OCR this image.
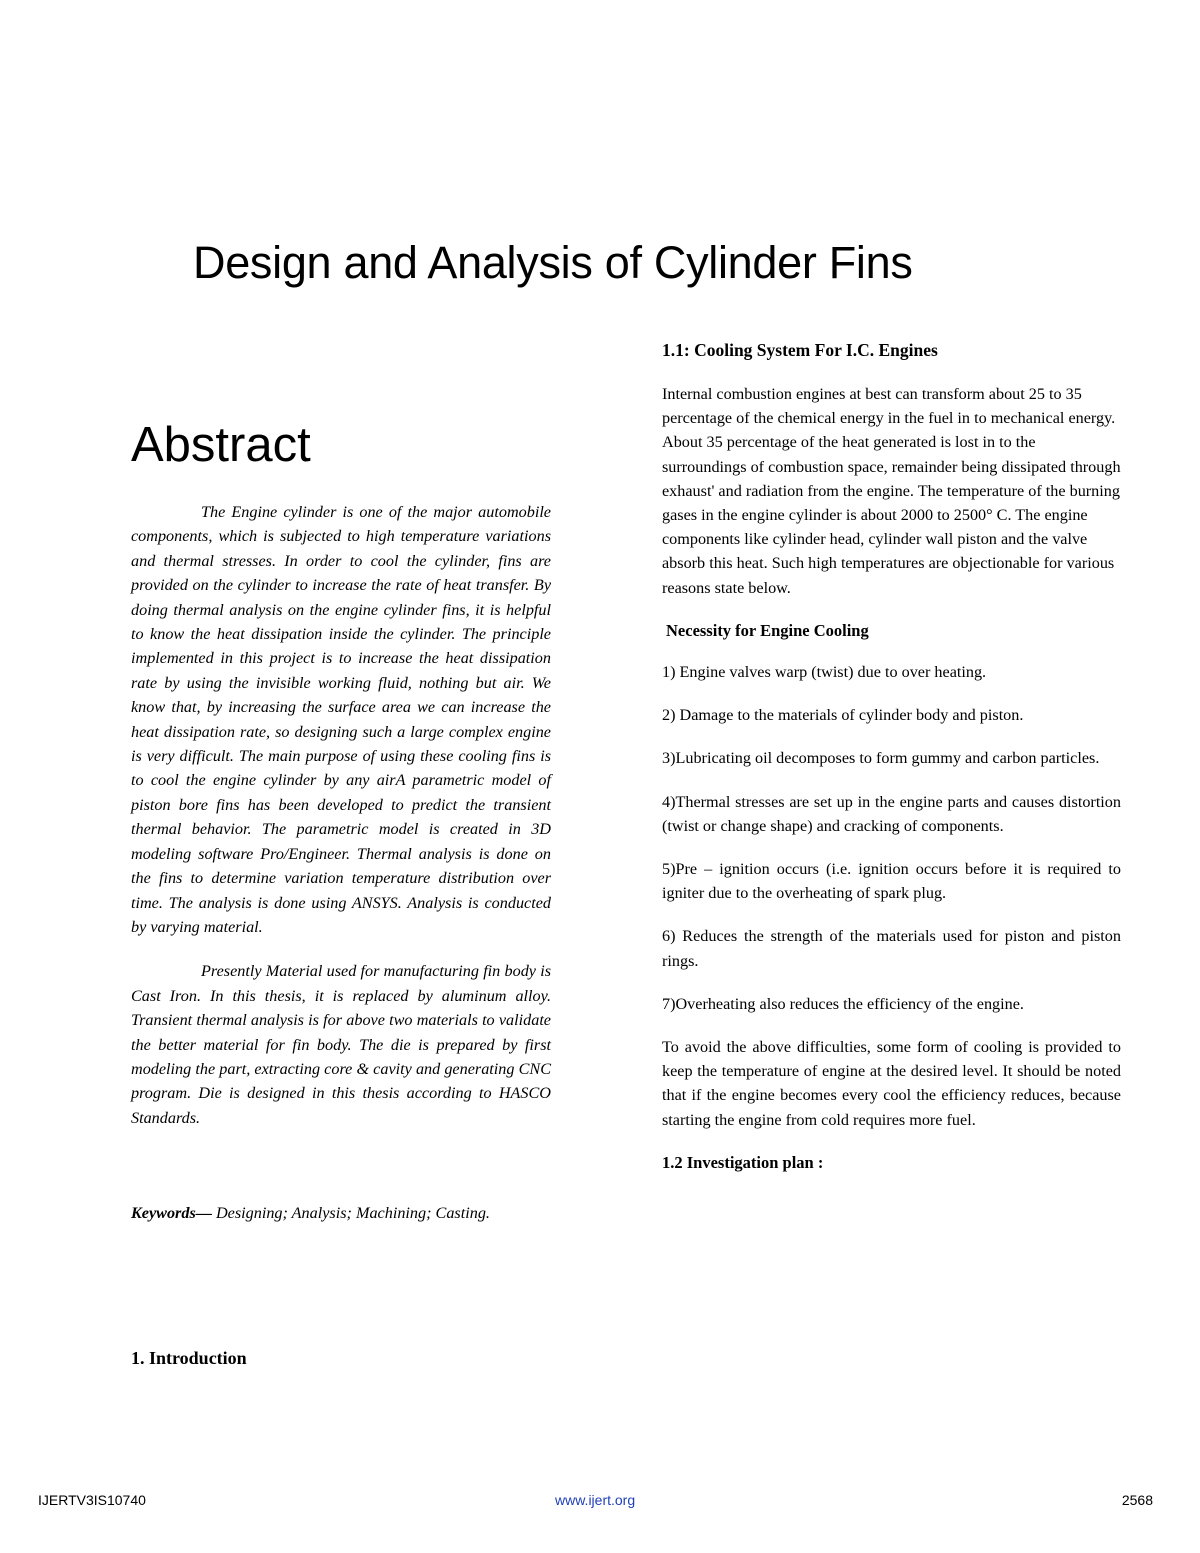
Design and Analysis of Cylinder Fins
Abstract

The Engine cylinder is one of the major automobile components, which is subjected to high temperature variations and thermal stresses. In order to cool the cylinder, fins are provided on the cylinder to increase the rate of heat transfer. By doing thermal analysis on the engine cylinder fins, it is helpful to know the heat dissipation inside the cylinder. The principle implemented in this project is to increase the heat dissipation rate by using the invisible working fluid, nothing but air. We know that, by increasing the surface area we can increase the heat dissipation rate, so designing such a large complex engine is very difficult. The main purpose of using these cooling fins is to cool the engine cylinder by any airA parametric model of piston bore fins has been developed to predict the transient thermal behavior. The parametric model is created in 3D modeling software Pro/Engineer. Thermal analysis is done on the fins to determine variation temperature distribution over time. The analysis is done using ANSYS. Analysis is conducted by varying material.

Presently Material used for manufacturing fin body is Cast Iron. In this thesis, it is replaced by aluminum alloy. Transient thermal analysis is for above two materials to validate the better material for fin body. The die is prepared by first modeling the part, extracting core & cavity and generating CNC program. Die is designed in this thesis according to HASCO Standards.

Keywords— Designing; Analysis; Machining; Casting.
1. Introduction
1.1: Cooling System For I.C. Engines

Internal combustion engines at best can transform about 25 to 35 percentage of the chemical energy in the fuel in to mechanical energy. About 35 percentage of the heat generated is lost in to the surroundings of combustion space, remainder being dissipated through exhaust' and radiation from the engine. The temperature of the burning gases in the engine cylinder is about 2000 to 2500° C. The engine components like cylinder head, cylinder wall piston and the valve absorb this heat. Such high temperatures are objectionable for various reasons state below.

Necessity for Engine Cooling

1) Engine valves warp (twist) due to over heating.

2) Damage to the materials of cylinder body and piston.

3)Lubricating oil decomposes to form gummy and carbon particles.

4)Thermal stresses are set up in the engine parts and causes distortion (twist or change shape) and cracking of components.

5)Pre – ignition occurs (i.e. ignition occurs before it is required to igniter due to the overheating of spark plug.

6) Reduces the strength of the materials used for piston and piston rings.

7)Overheating also reduces the efficiency of the engine.

To avoid the above difficulties, some form of cooling is provided to keep the temperature of engine at the desired level. It should be noted that if the engine becomes every cool the efficiency reduces, because starting the engine from cold requires more fuel.

1.2 Investigation plan :
IJERTV3IS10740	www.ijert.org	2568
